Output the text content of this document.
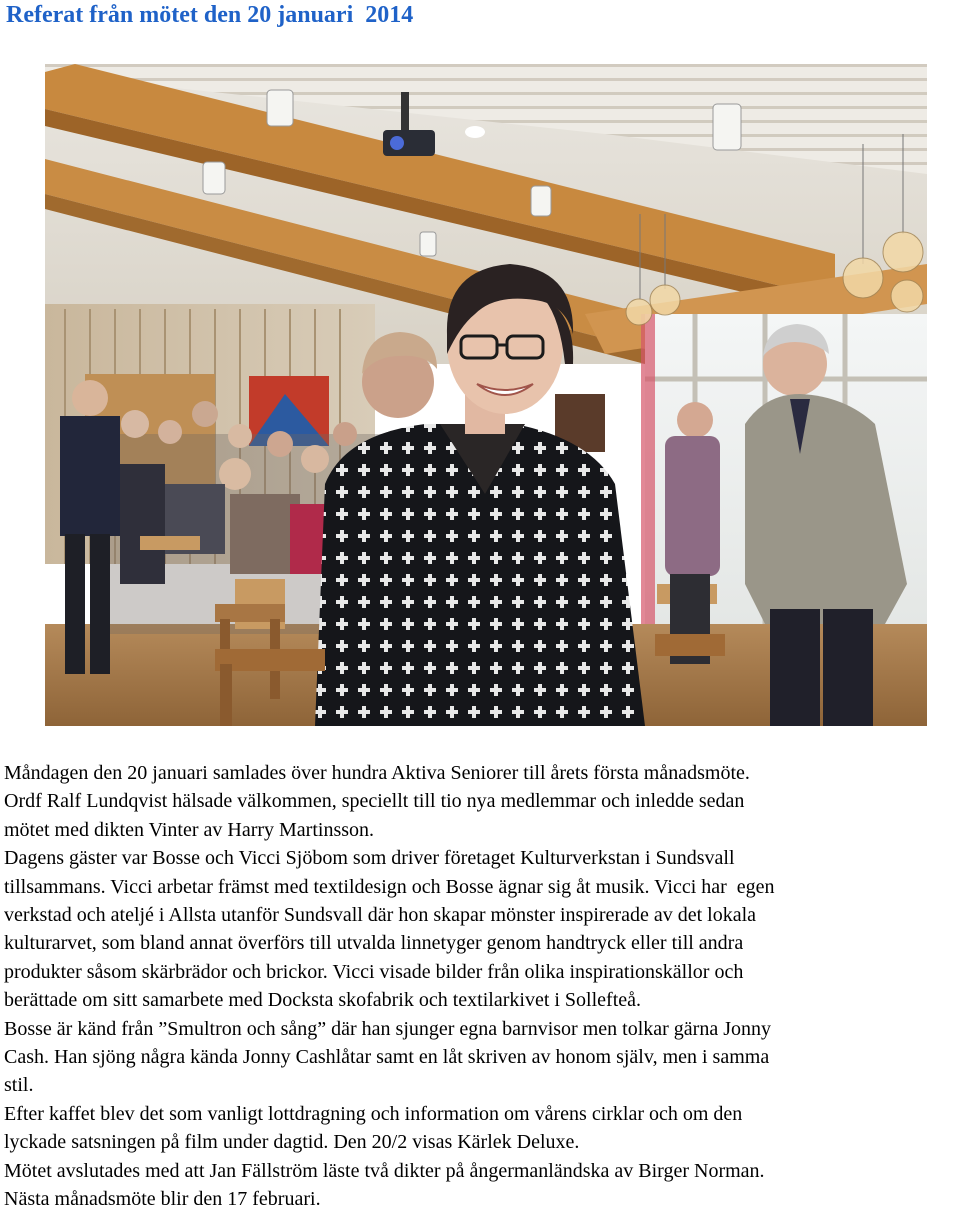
Referat från mötet den 20 januari  2014

Måndagen den 20 januari samlades över hundra Aktiva Seniorer till årets första månadsmöte.

Ordf Ralf Lundqvist hälsade välkommen, speciellt till tio nya medlemmar och inledde sedan

mötet med dikten Vinter av Harry Martinsson.

Dagens gäster var Bosse och Vicci Sjöbom som driver företaget Kulturverkstan i Sundsvall

tillsammans. Vicci arbetar främst med textildesign och Bosse ägnar sig åt musik. Vicci har  egen

verkstad och ateljé i Allsta utanför Sundsvall där hon skapar mönster inspirerade av det lokala

kulturarvet, som bland annat överförs till utvalda linnetyger genom handtryck eller till andra

produkter såsom skärbrädor och brickor. Vicci visade bilder från olika inspirationskällor och

berättade om sitt samarbete med Docksta skofabrik och textilarkivet i Sollefteå.

Bosse är känd från ”Smultron och sång” där han sjunger egna barnvisor men tolkar gärna Jonny

Cash. Han sjöng några kända Jonny Cashlåtar samt en låt skriven av honom själv, men i samma

stil.

Efter kaffet blev det som vanligt lottdragning och information om vårens cirklar och om den

lyckade satsningen på film under dagtid. Den 20/2 visas Kärlek Deluxe.

Mötet avslutades med att Jan Fällström läste två dikter på ångermanländska av Birger Norman.

Nästa månadsmöte blir den 17 februari.
